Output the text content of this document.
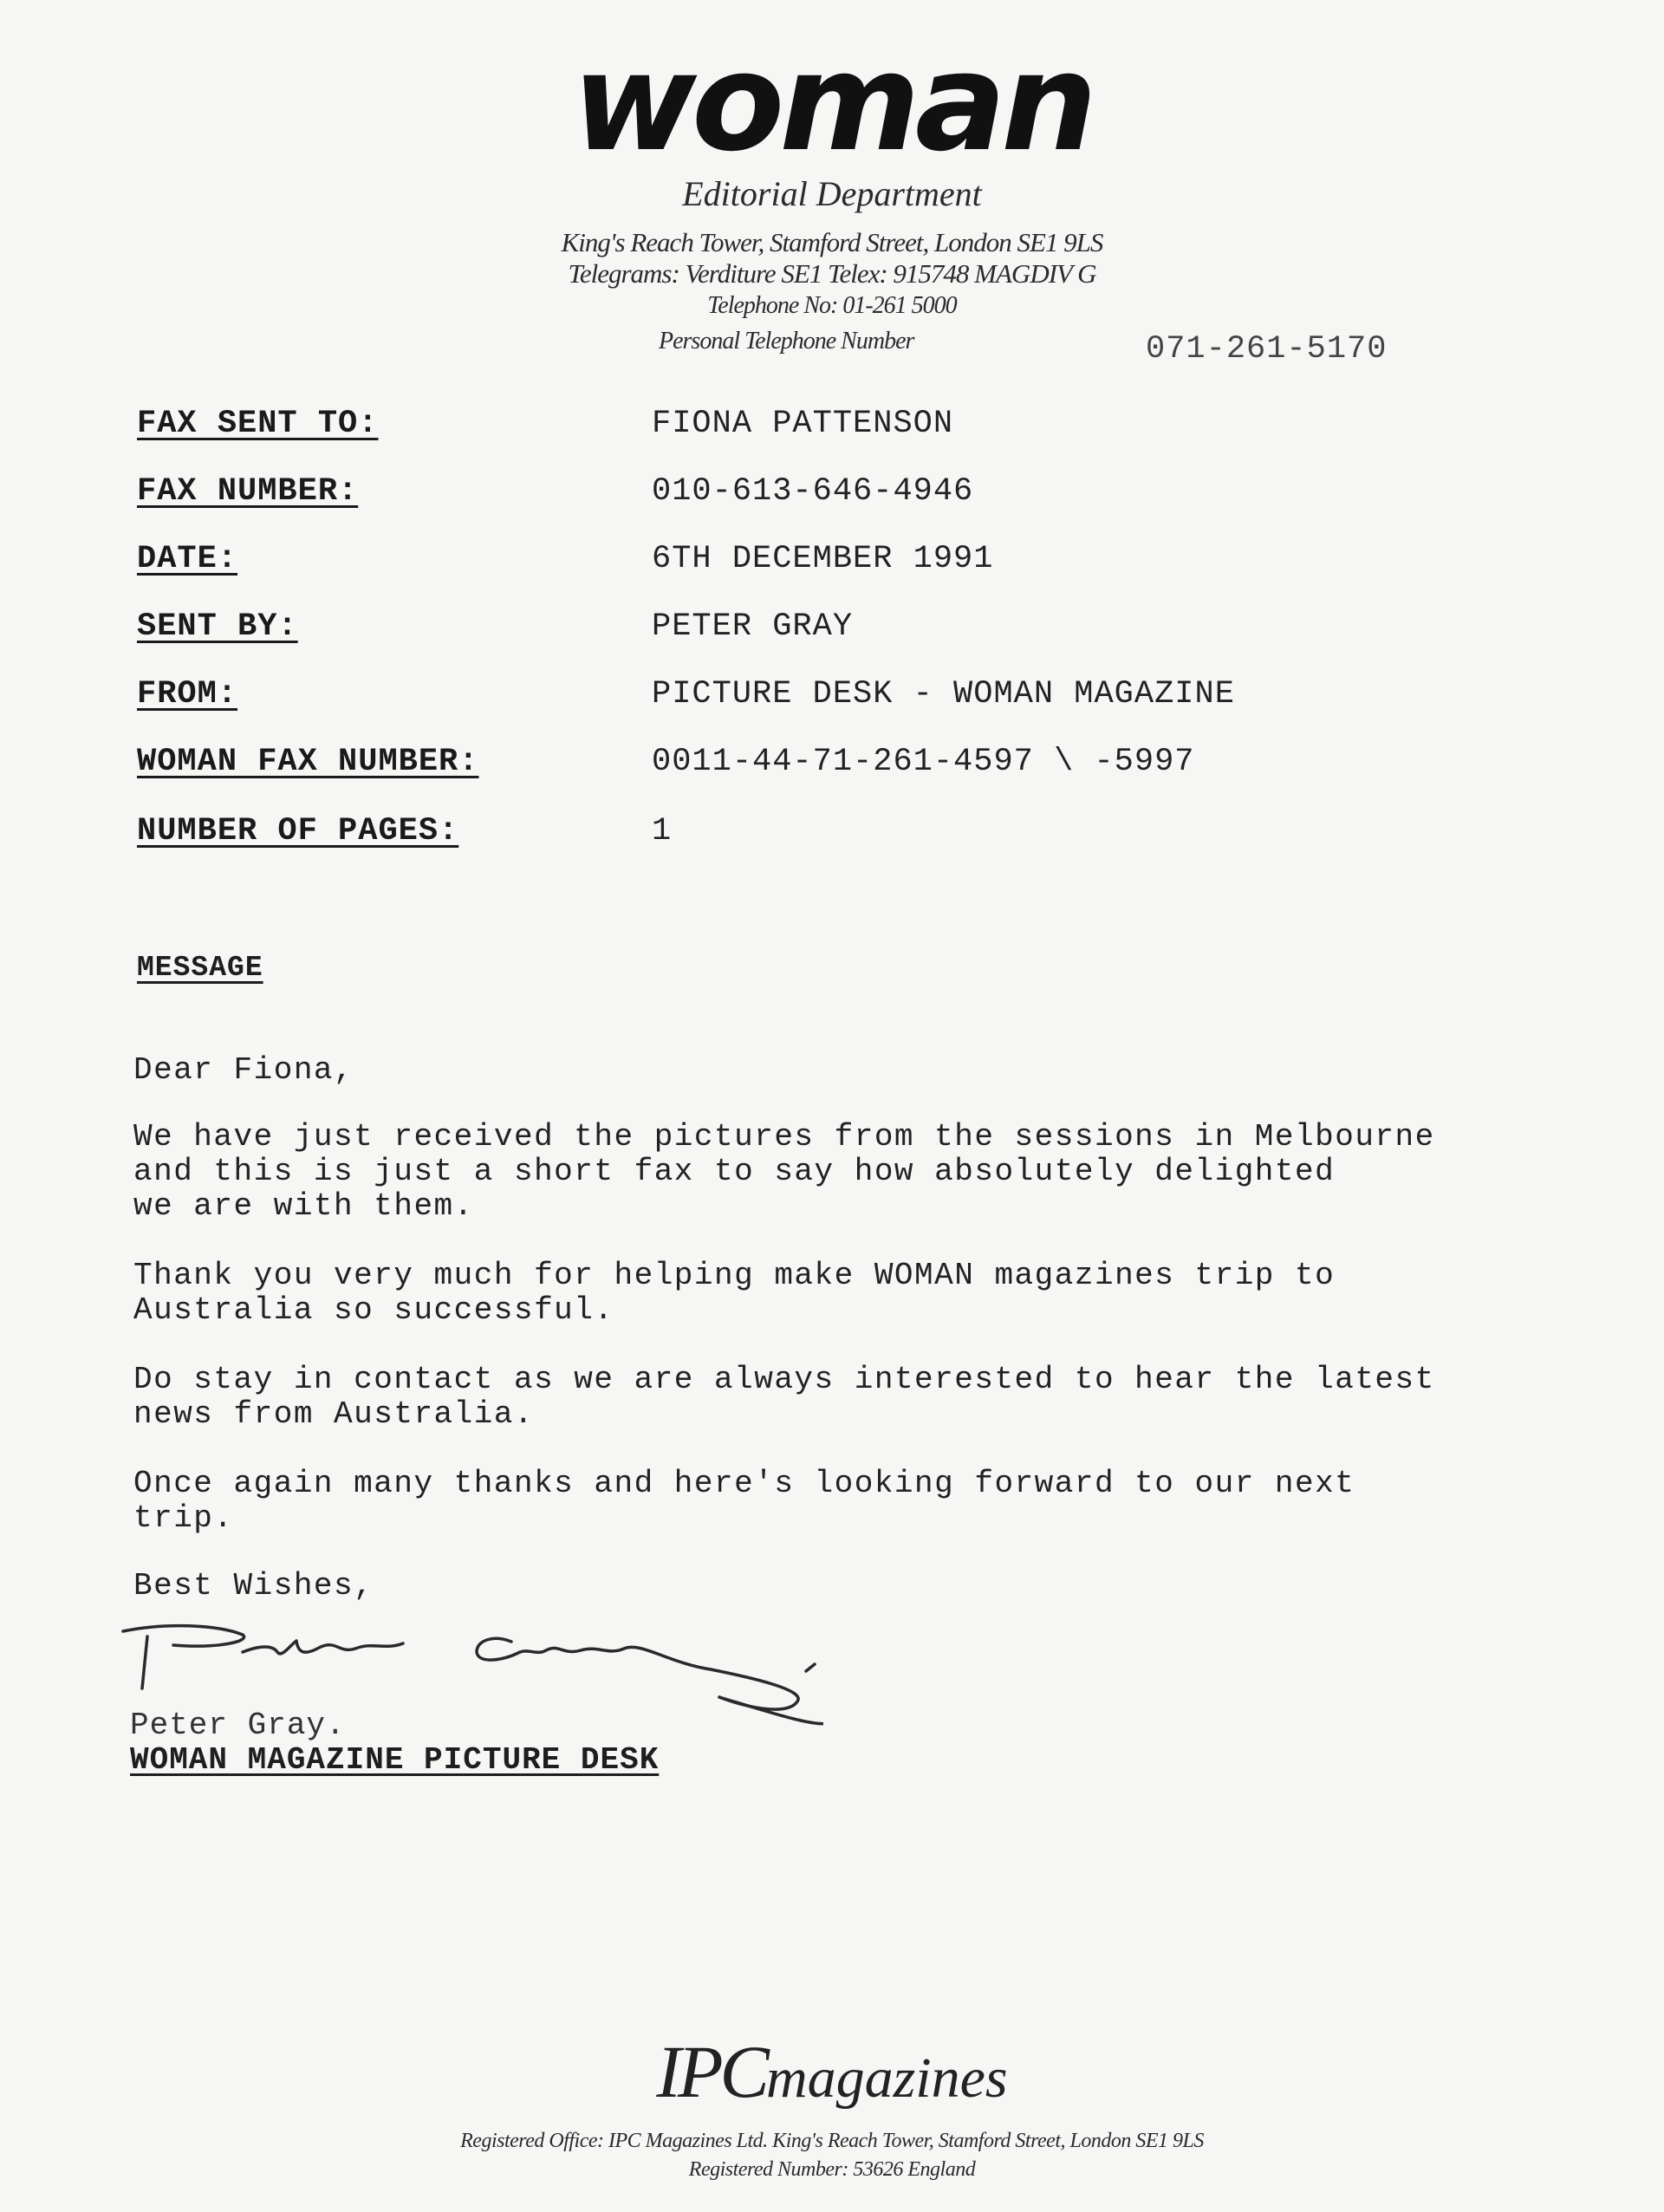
woman
Editorial Department
King's Reach Tower, Stamford Street, London SE1 9LS
Telegrams: Verditure SE1 Telex: 915748 MAGDIV G
Telephone No: 01-261 5000
Personal Telephone Number	071-261-5170
FAX SENT TO:	FIONA PATTENSON
FAX NUMBER:	010-613-646-4946
DATE:	6TH DECEMBER 1991
SENT BY:	PETER GRAY
FROM:	PICTURE DESK - WOMAN MAGAZINE
WOMAN FAX NUMBER:	0011-44-71-261-4597 \ -5997
NUMBER OF PAGES:	1
MESSAGE
Dear Fiona,
We have just received the pictures from the sessions in Melbourne
and this is just a short fax to say how absolutely delighted
we are with them.
Thank you very much for helping make WOMAN magazines trip to
Australia so successful.
Do stay in contact as we are always interested to hear the latest
news from Australia.
Once again many thanks and here's looking forward to our next
trip.
Best Wishes,
Peter Gray.
WOMAN MAGAZINE PICTURE DESK
IPCmagazines
Registered Office: IPC Magazines Ltd. King's Reach Tower, Stamford Street, London SE1 9LS
Registered Number: 53626 England
